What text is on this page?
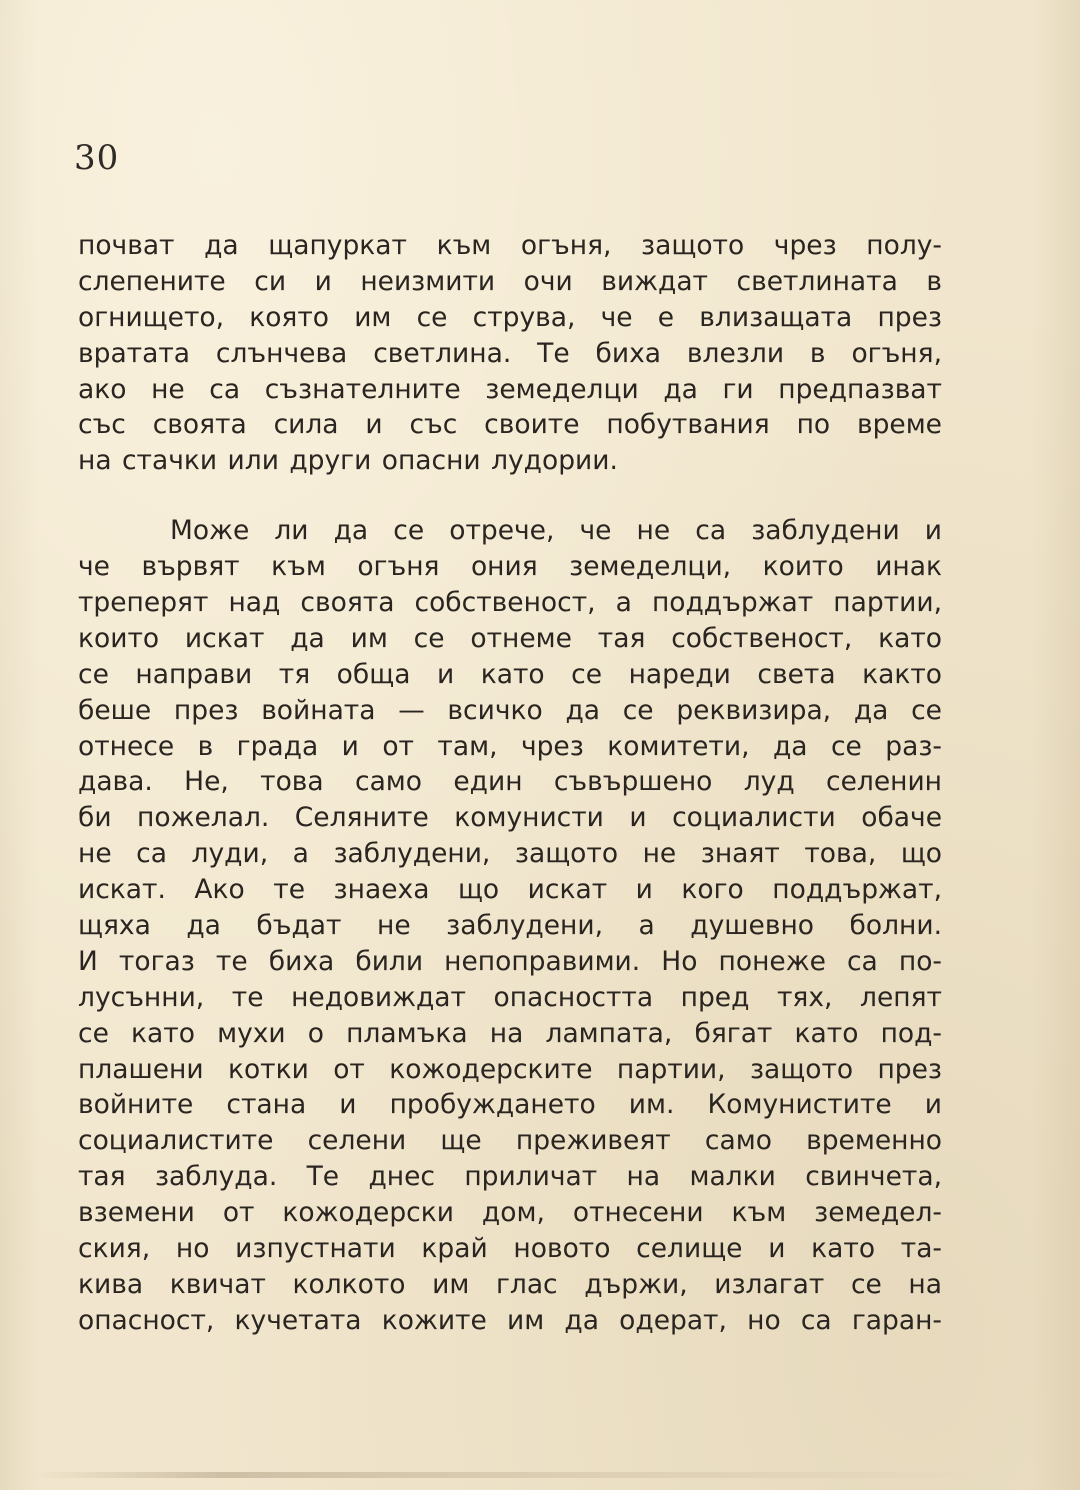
30
почват да щапуркат към огъня, защото чрез полу-
слепените си и неизмити очи виждат светлината в
огнището, която им се струва, че е влизащата през
вратата слънчева светлина. Те биха влезли в огъня,
ако не са съзнателните земеделци да ги предпазват
със своята сила и със своите побутвания по време
на стачки или други опасни лудории.
Може ли да се отрече, че не са заблудени и
че вървят към огъня ония земеделци, които инак
треперят над своята собственост, а поддържат партии,
които искат да им се отнеме тая собственост, като
се направи тя обща и като се нареди света както
беше през войната — всичко да се реквизира, да се
отнесе в града и от там, чрез комитети, да се раз-
дава. Не, това само един съвършено луд селенин
би пожелал. Селяните комунисти и социалисти обаче
не са луди, а заблудени, защото не знаят това, що
искат. Ако те знаеха що искат и кого поддържат,
щяха да бъдат не заблудени, а душевно болни.
И тогаз те биха били непоправими. Но понеже са по-
лусънни, те недовиждат опасността пред тях, лепят
се като мухи о пламъка на лампата, бягат като под-
плашени котки от кожодерските партии, защото през
войните стана и пробуждането им. Комунистите и
социалистите селени ще преживеят само временно
тая заблуда. Те днес приличат на малки свинчета,
вземени от кожодерски дом, отнесени към земедел-
ския, но изпустнати край новото селище и като та-
кива квичат колкото им глас държи, излагат се на
опасност, кучетата кожите им да одерат, но са гаран-
